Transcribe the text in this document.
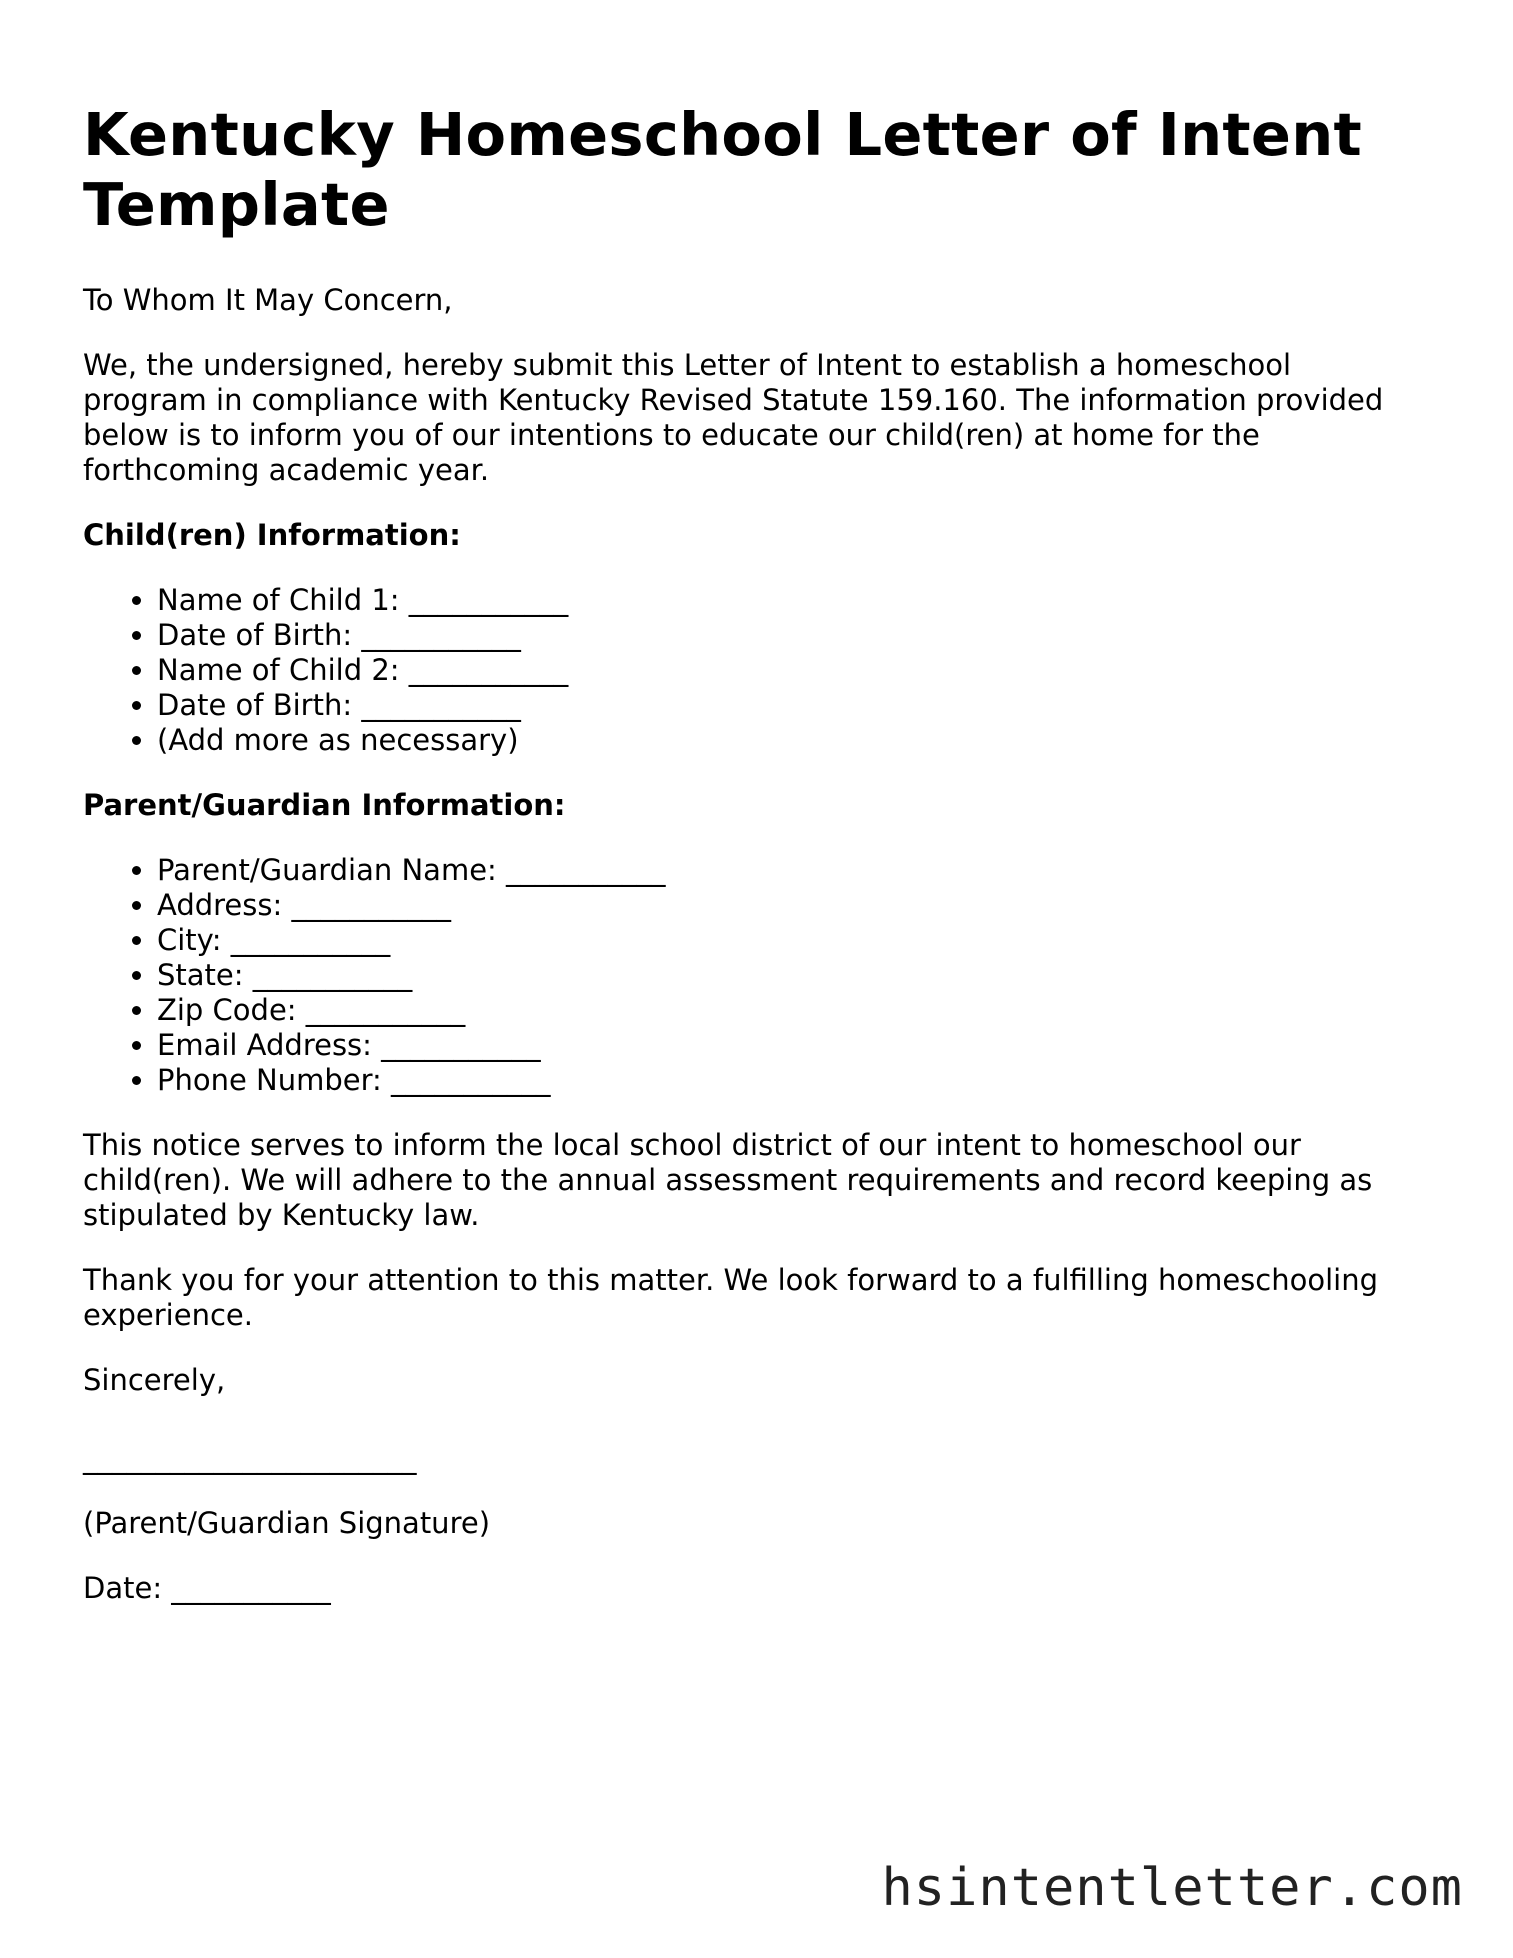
Kentucky Homeschool Letter of Intent Template

To Whom It May Concern,

We, the undersigned, hereby submit this Letter of Intent to establish a homeschool program in compliance with Kentucky Revised Statute 159.160. The information provided below is to inform you of our intentions to educate our child(ren) at home for the forthcoming academic year.

Child(ren) Information:

• Name of Child 1: ___________
• Date of Birth: ___________
• Name of Child 2: ___________
• Date of Birth: ___________
• (Add more as necessary)

Parent/Guardian Information:

• Parent/Guardian Name: ___________
• Address: ___________
• City: ___________
• State: ___________
• Zip Code: ___________
• Email Address: ___________
• Phone Number: ___________

This notice serves to inform the local school district of our intent to homeschool our child(ren). We will adhere to the annual assessment requirements and record keeping as stipulated by Kentucky law.

Thank you for your attention to this matter. We look forward to a fulfilling homeschooling experience.

Sincerely,

_______________________

(Parent/Guardian Signature)

Date: ___________

hsintentletter.com
